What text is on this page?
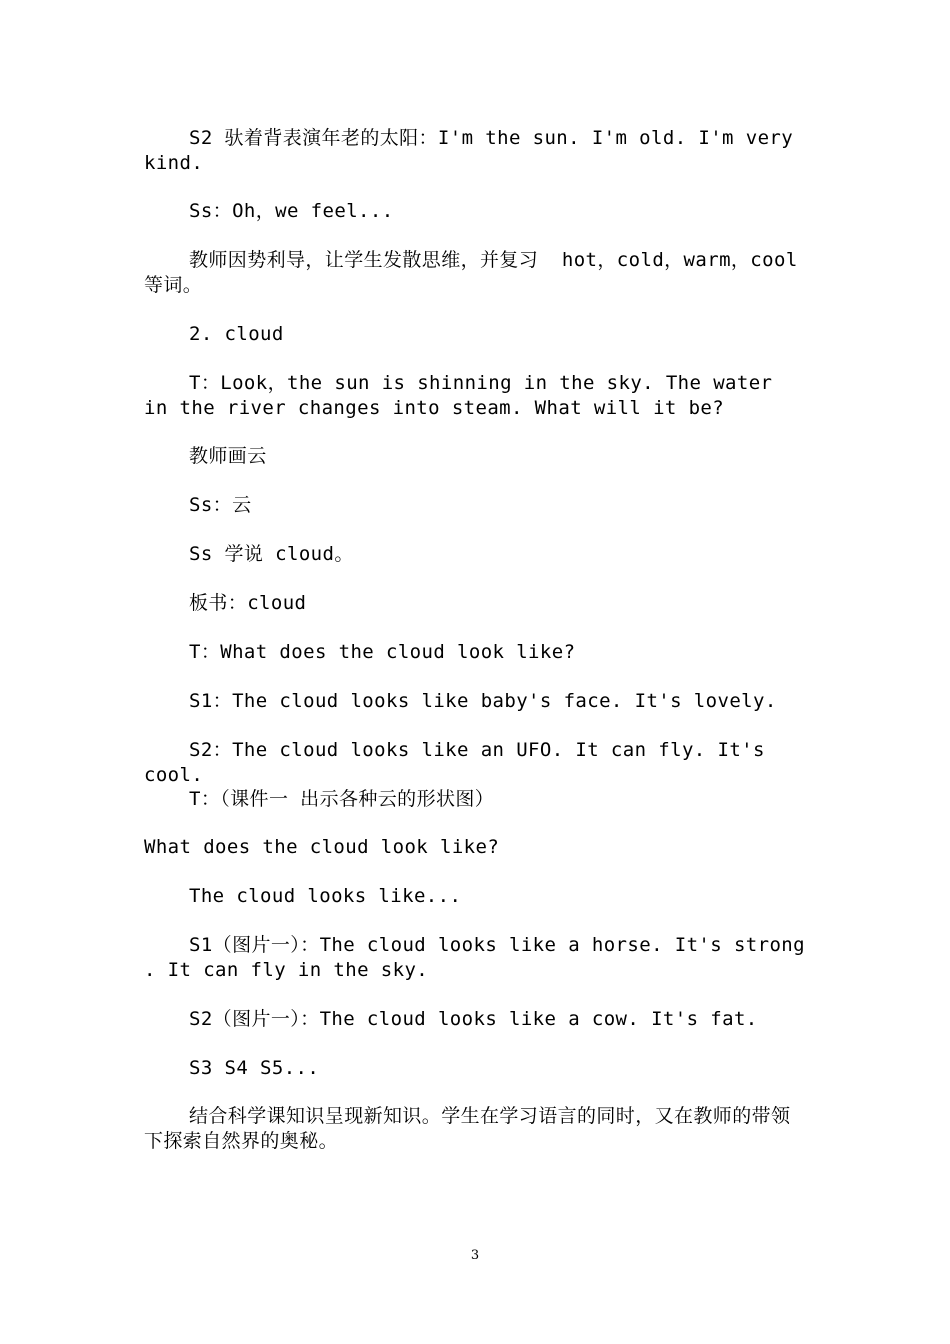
S2 驮着背表演年老的太阳：I'm the sun. I'm old. I'm very kind.

Ss：Oh，we feel...

教师因势利导，让学生发散思维，并复习  hot，cold，warm，cool 等词。

2. cloud

T：Look，the sun is shinning in the sky. The water in the river changes into steam. What will it be?

教师画云

Ss：云

Ss 学说 cloud。

板书：cloud

T：What does the cloud look like?

S1：The cloud looks like baby's face. It's lovely.

S2：The cloud looks like an UFO. It can fly. It's cool.

T：（课件一 出示各种云的形状图）

What does the cloud look like?

The cloud looks like...

S1（图片一）：The cloud looks like a horse. It's strong . It can fly in the sky.

S2（图片一）：The cloud looks like a cow. It's fat.

S3 S4 S5...

结合科学课知识呈现新知识。学生在学习语言的同时，又在教师的带领下探索自然界的奥秘。

3
